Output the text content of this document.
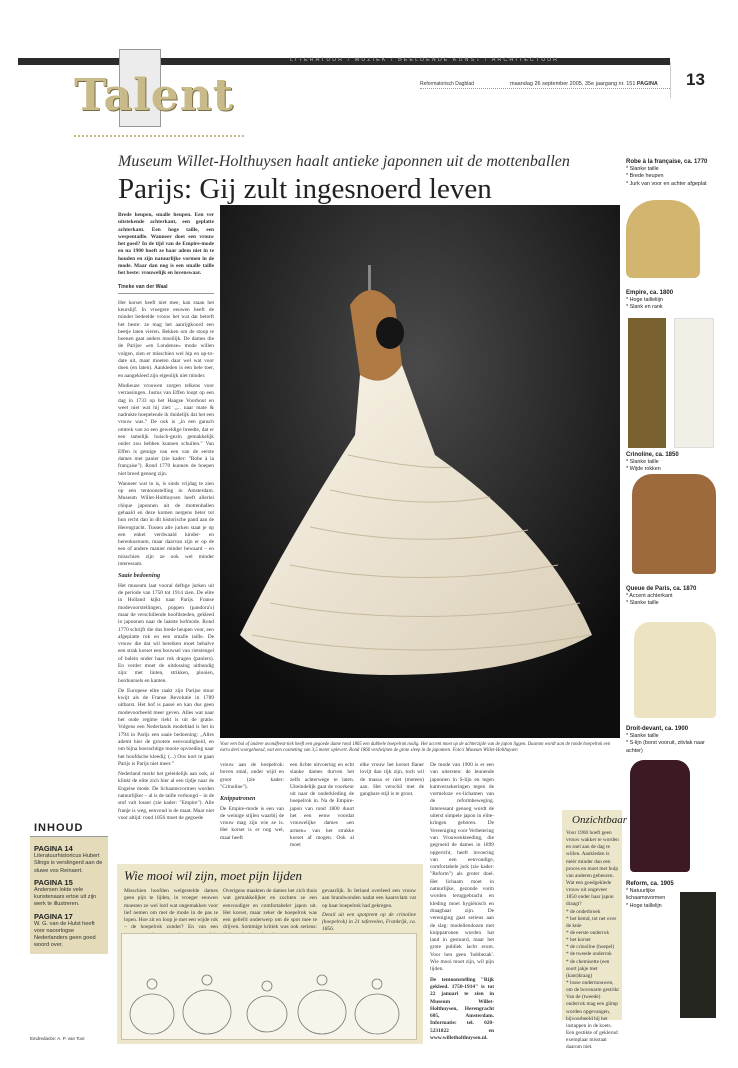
LITERATUUR / MUZIEK / BEELDENDE KUNST / ARCHITECTUUR
Talent	Reformatorisch Dagblad	maandag 26 september 2005, 35e jaargang nr. 151 PAGINA	13
Museum Willet-Holthuysen haalt antieke japonnen uit de mottenballen
Parijs: Gij zult ingesnoerd leven

Brede heupen, smalle heupen. Een ver uitstekende achterkant, een geplatte achterkant. Een hoge taille, een wespentaille. Wanneer doet een vrouw het goed? In de tijd van de Empire-mode en na 1900 hoeft ze haar adem niet in te houden en zijn natuurlijke vormen in de mode. Maar dan nog is een smalle taille het beste: vrouwelijk en lovenswaar.

Tineke van der Waal

Het korset heeft niet mee, kan staan het keurslijf. In vroegere eeuwen heeft de minder bedeelde vrouw het wat dat betreft het beste: ze mag het aanrijgkoord een beetje laten vieren. Bekken om de stoop te boenen gaat anders moeilijk. De dames die de Parijse «en Londense» mode willen volgen, zien er misschien wel hip en up-to-date uit, maar moeten daar wel wat voor doen (en laten). Aankleden is een hele toer, en aangekleed zijn eigenlijk niet minder.

Modieuze vrouwen zorgen telkens voor verrassingen. Justus van Effen loopt op een dag in 1733 op het Haagse Voorhout en weet niet wat hij ziet: „... naar mate & nadrukte hoepelende ik duidelijk dat het een vrouw was.” De ook is „in een gansch omtrek van zo een geweldige breedte, dat er een tamelijk huisch-gezin gemakkelijk onder zou hebben kunnen schuilen.” Van Effen is getuige van een van de eerste dames met panier (zie kader: "Robe à la française"). Rond 1770 kunnen de hoepen niet breed genoeg zijn.

Wanneer wat in is, is sinds vrijdag te zien op een tentoonstelling in Amsterdam. Museum Willet-Holthuysen heeft allerlei chique japonnen uit de mottenballen gehaald en deze komen nergens beter tot hun recht dan in dit historische pand aan de Herengracht. Tussen alle jurken staat je op een enkel verdwaald kinder- en herenkostuum, maar daarvan zijn er op de een of andere manier minder bewaard – en misschien zijn ze ook wel minder interessant.

Saaie bedoening

Het museum laat vooral deftige jurken uit de periode van 1750 tot 1914 zien. De elite in Holland kijkt naar Parijs. Franse modevoorstellingen, poppen (pandora's) maar de verschillende hoofdsteden, gekleed in japonnen naar de laatste hofmode. Rond 1770 schrijft die dus brede heupen voor, een afgeplatte rok en een smalle taille. De vrouw die dat wil bereiken moet behalve een strak korset een bouwsel van rietstengel of balein onder haar rok dragen (paniers). En verder moet de uitdossing uitbundig zijn: met linten, strikken, plooien, borduursels en kanten.

De Europese elite raakt zijn Parijse stuur kwijt als de Franse Revolutie in 1789 uitbarst. Het hof is passé en kan dus geen modevoorbeeld meer geven. Alles wat naar het oude regime riekt is uit de gratie. Volgens een Nederlands modeblad is het in 1794 in Parijs een saaie bedoening: „Alles ademt hier de grootste eenvoudigheid, en om bijna hoerachtige mooie opvoeding naar het hoofdsche kleedij; (...) Ons kort te gaan Parijs is Parijs niet meer.”

Nederland merkt het geleidelijk aan ook, al klinkt de elite zich hier al een tijdje naar de Engelse mode. De lichaamsvormen worden natuurlijker – al is de taille verhoogd – in de stof valt losser (zie kader: "Empire"). Alle franje is weg, eenvoud is de maat. Maar niet voor altijd: rond 1856 moet de gegoede

Voor een bal of andere avondfeest-tiek heeft een gegoede dame rond 1865 een dubbele hoepelrok nodig. Het accent moet op de achterzijde van de japon liggen. Daarom wordt aan de ronde hoepelrok een extra deel voorgehoesd, wat een cosmeting van 3,5 meter oplevert. Rond 1866 verdwijnen de grote sleep in de japonnen. Foto's Museum Willet-Holthuysen

vrouw aan de hoepelrok: boven smal, onder wijd en groot (zie kader: "Crinoline").

Knippatronen

De Empire-mode is een van de weinige stijlen waarbij de vrouw mag zijn wie ze is. Het korset is er nog wel, maar heeft

een lichte uitvoering en echt slanke dames durven het zelfs achterwege te laten. Uiteindelijk gaat de voorkeur uit naar de onderkleding de hoepelrok in. Na de Empire-japon van rond 1800 duurt het een eeuw voordat vrouwelijke dames «en armen» van het strakke korset af mogen. Ook al moet

elke vrouw het korset flaner lovijt dan rijk zijn, toch wil de massa er niet (meteen) aan. Het verschil met de gangbare stijl is te groot.

De mode van 1900 is er een van uitersten: de leunende japonnen in S-lijn en tegen kantverzekeringen tegen de vormeloze ex-lichamen van de reformbeweging. Interessant genoeg wordt de uiterst simpele japon in elite-kringen geboren. De Vereeniging voor Verbetering van Vrouwenkleeding, die gegroeid de dames in 1899 opgericht, heeft invoering van een eenvoudige, comfortabele jurk (zie kader: "Reform") als groter doel. Het lichaam moet in natuurlijke, gezonde vorm worden teruggebracht en kleding moet hygiënisch en draagbaar zijn. De vereniging gaat serieus aan de slag: modellendozen met knippatronen worden hat land in gestuurd, maar het grote publiek lacht erom. Voor hen geen 'hobbezak'. Wie mooi moet zijn, wil pijn lijden.

De tentoonstelling "Rijk gekleed. 1750-1914" is tot 22 januari te zien in Museum Willet-Holthuysen, Herengracht 605, Amsterdam. Informatie: tel. 020-5231822 en www.willetholthuysen.nl.

Robe à la française, ca. 1770
* Slanke taille
* Brede heupen
* Jurk van voor en achter afgeplat
Empire, ca. 1800
* Hoge tailleliijn
* Slank en rank
Crinoline, ca. 1850
* Slanke taille
* Wijde rokken
Queue de Paris, ca. 1870
* Accent achterkant
* Slanke taille
Droit-devant, ca. 1900
* Slanke taille
* S-lijn (borst vooruit, zitvlak naar achter)
Reform, ca. 1905
* Natuurlijke lichaamsvormen
* Hoge taillelijn
INHOUD
PAGINA 14
Literatuurhistoricus Hubert Slings is verslingerd aan de sluwe vos Reinaert.
PAGINA 15
Andersen lokte vele kunstenaars ertoe uit zijn werk te illustreren.
PAGINA 17
W. G. van de Hulst heeft voor naoorlogse Nederlanders geen goed woord over.
Eindredactie: A. P. van Toor
Wie mooi wil zijn, moet pijn lijden
Misschien hoofden welgestelde dames geen pijn te lijden, in vroeger eeuwen moesten ze wel lord wat ongemakken voor lief nemen om met de mode in de pas te lopen. Hoe zit en loop je met een wijde rok – de hoepelrok zonder? En van een
Overigens maakten de dames het zich thuis wat gemakkelijker en zochten ze een eenvoudiger en comfortabeler japon uit. Het korset, maar zeker de hoepelrok was een geliefd onderwerp om de spot mee te drijven. Sommige kritiek was ook serieus:
gevaarlijk. In Ierland overleed een vrouw aan brandwonden nadat een kaarsvlam vat op haar hoepelrok had gekregen.
Detail uit een spotprent op de crinoline (hoepelrok) in 21 tafereelen, Frankrijk, ca. 1856.
Onzichtbaar
Voor 1900 hoeft geen vrouw wakker te worden en snel aan de dag te willen. Aankleden is méér minder dan een proces en moet met hulp van anderen gebeuren. Wat een goedgeklede vrouw uit ongeveer 1850 onder haar japon draagt?
* de onderbroek
* het hemd, tot net over de knie
* de eerste onderrok
* het korset
* de crinoline (hoepel)
* de tweede onderrok
* de chemisette (een soort jakje met (kant)kraag)
* losse ondermouwen, om de bovenarm gestrikt
Van de (tweede) onderrok mag een glimp worden opgevangen, bijvoorbeeld bij het instappen in de koets. Een gestikte of geklerud exemplaar misstaat daarom niet.
